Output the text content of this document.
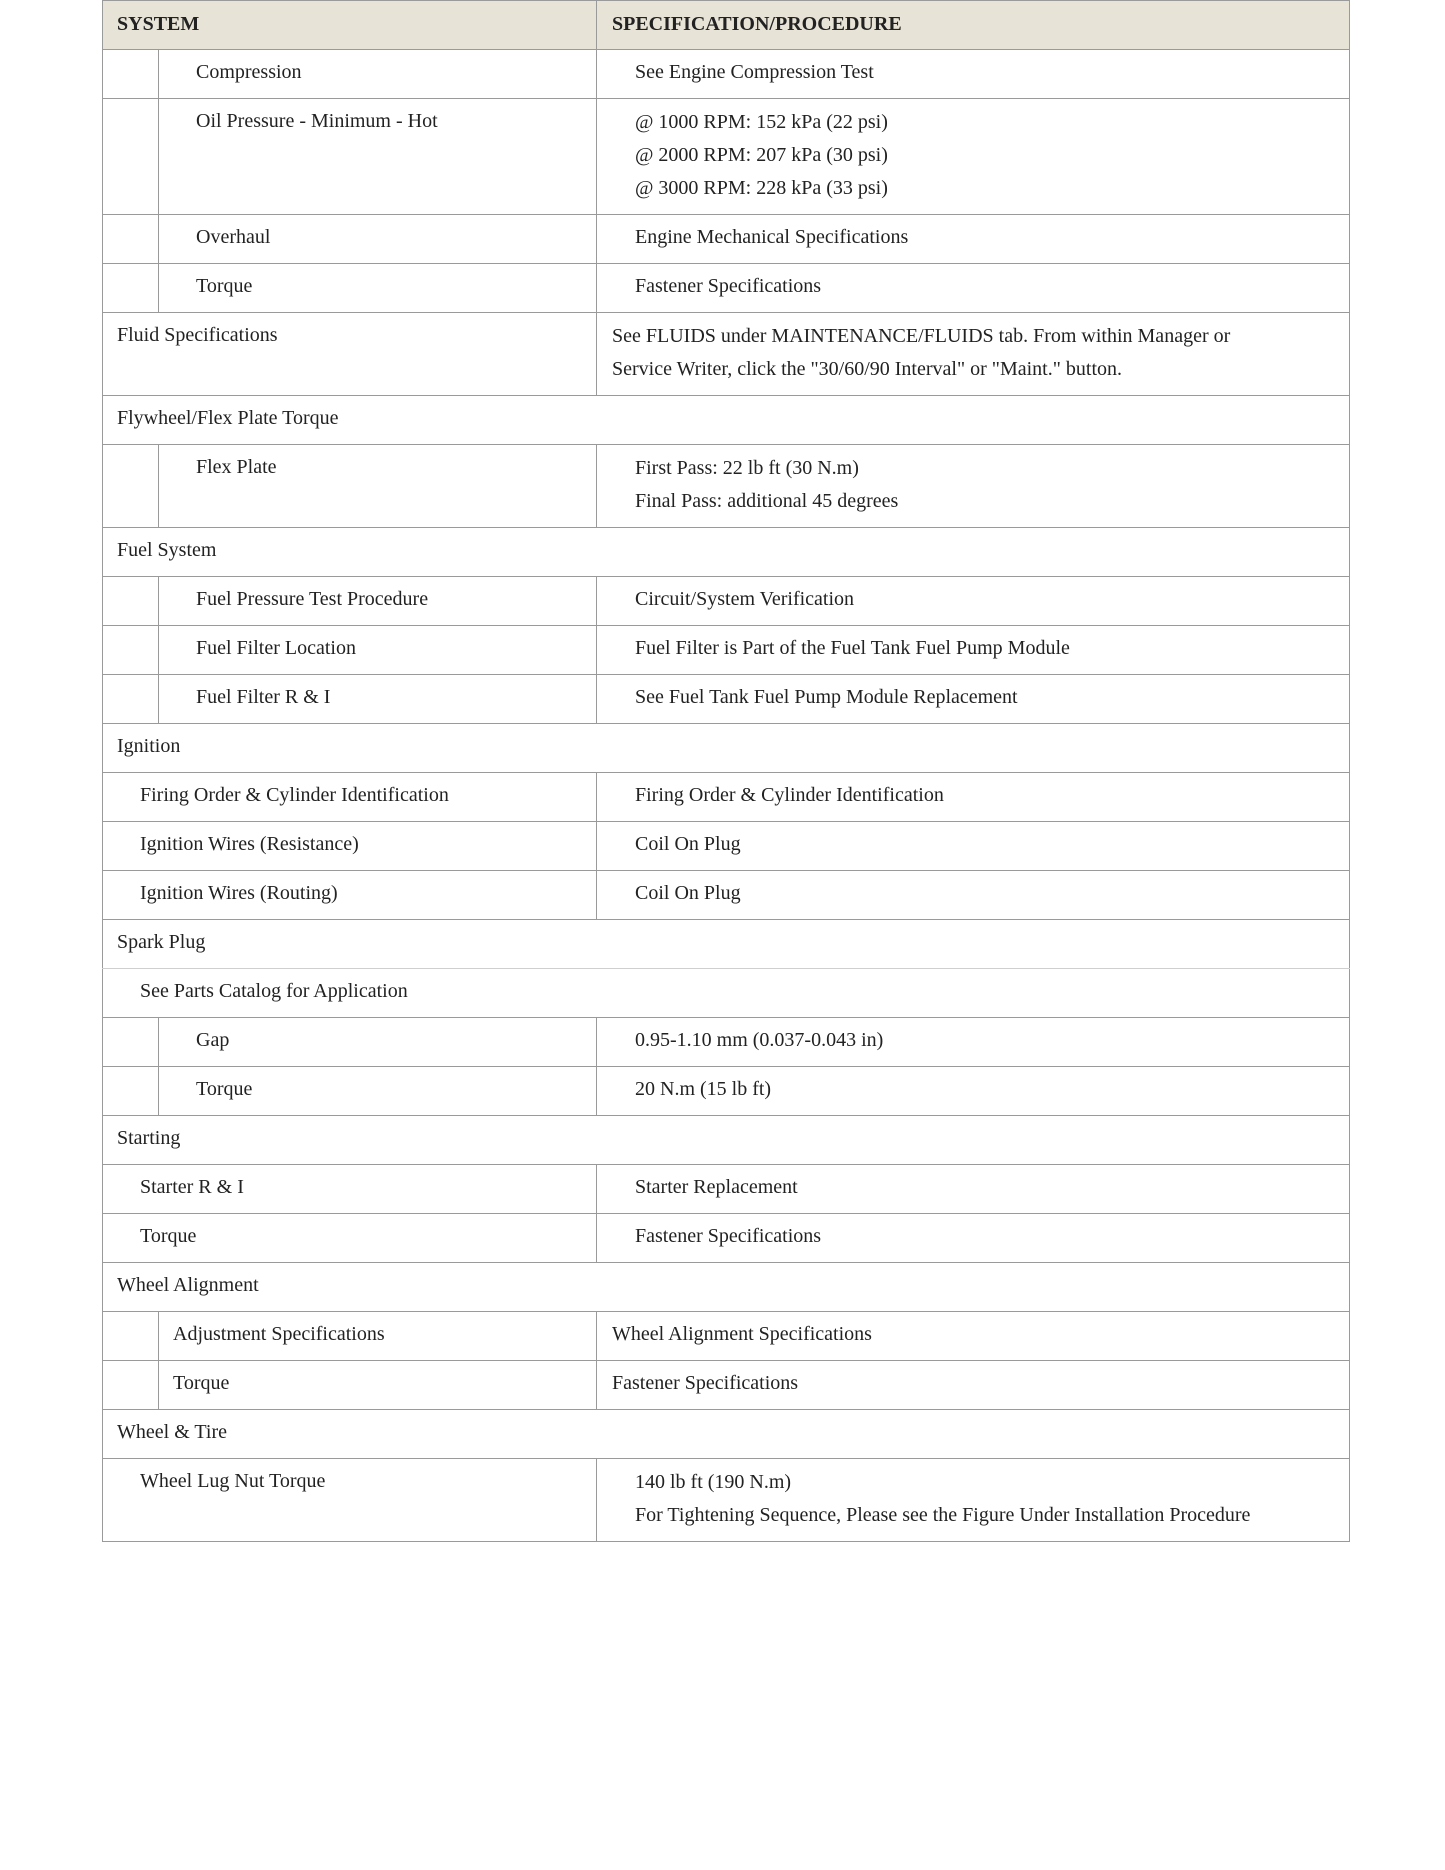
SYSTEM		SPECIFICATION/PROCEDURE
	Compression	See Engine Compression Test
	Oil Pressure - Minimum - Hot	@ 1000 RPM: 152 kPa (22 psi)
@ 2000 RPM: 207 kPa (30 psi)
@ 3000 RPM: 228 kPa (33 psi)

	Overhaul	Engine Mechanical Specifications
	Torque	Fastener Specifications
Fluid Specifications		See FLUIDS under MAINTENANCE/FLUIDS tab. From within Manager or
Service Writer, click the "30/60/90 Interval" or "Maint." button.

Flywheel/Flex Plate Torque		
	Flex Plate	First Pass: 22 lb ft (30 N.m)
Final Pass: additional 45 degrees

Fuel System		
	Fuel Pressure Test Procedure	Circuit/System Verification
	Fuel Filter Location	Fuel Filter is Part of the Fuel Tank Fuel Pump Module
	Fuel Filter R & I	See Fuel Tank Fuel Pump Module Replacement
Ignition		
Firing Order & Cylinder Identification		Firing Order & Cylinder Identification
Ignition Wires (Resistance)		Coil On Plug
Ignition Wires (Routing)		Coil On Plug
Spark Plug		
See Parts Catalog for Application		
	Gap	0.95-1.10 mm (0.037-0.043 in)
	Torque	20 N.m (15 lb ft)
Starting		
Starter R & I		Starter Replacement
Torque		Fastener Specifications
Wheel Alignment		
	Adjustment Specifications	Wheel Alignment Specifications
	Torque	Fastener Specifications
Wheel & Tire		
Wheel Lug Nut Torque		140 lb ft (190 N.m)
For Tightening Sequence, Please see the Figure Under Installation Procedure
